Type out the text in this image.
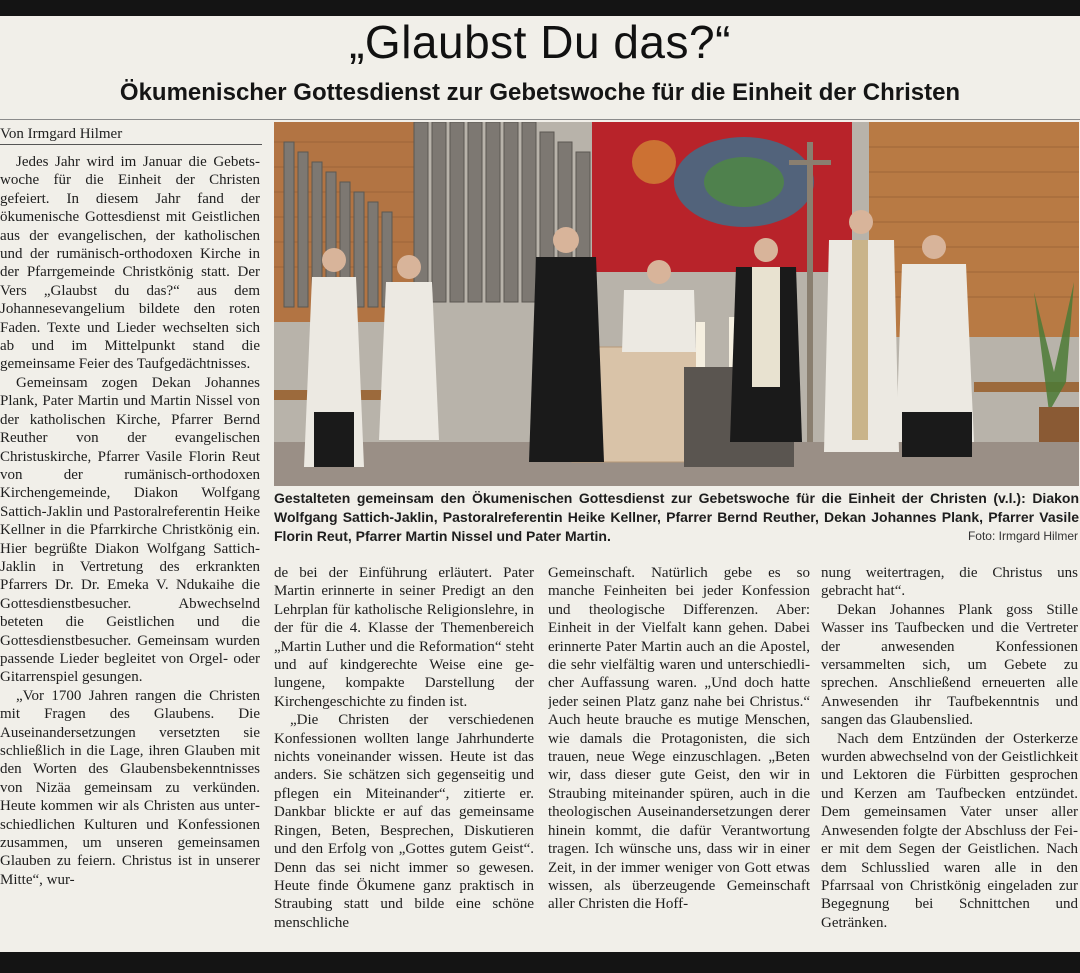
„Glaubst Du das?“
Ökumenischer Gottesdienst zur Gebetswoche für die Einheit der Christen
Von Irmgard Hilmer

Jedes Jahr wird im Januar die Gebetswoche für die Einheit der Christen gefeiert. In diesem Jahr fand der ökumenische Gottesdienst mit Geistlichen aus der evangelischen, der katholischen und der rumänisch-orthodoxen Kirche in der Pfarrgemeinde Christkönig statt. Der Vers „Glaubst du das?“ aus dem Johannesevangelium bildete den roten Faden. Texte und Lieder wechselten sich ab und im Mittelpunkt stand die gemeinsame Feier des Taufgedächtnisses.

Gemeinsam zogen Dekan Johannes Plank, Pater Martin und Martin Nissel von der katholischen Kirche, Pfarrer Bernd Reuther von der evangelischen Christuskirche, Pfarrer Vasile Florin Reut von der rumänisch-orthodoxen Kirchengemeinde, Diakon Wolfgang Sattich-Jaklin und Pastoralreferentin Heike Kellner in die Pfarrkirche Christkönig ein. Hier begrüßte Diakon Wolfgang Sattich-Jaklin in Vertretung des erkrankten Pfarrers Dr. Dr. Emeka V. Ndukaihe die Gottesdienstbesucher. Abwechselnd beteten die Geistlichen und die Gottesdienstbesucher. Gemeinsam wurden passende Lieder begleitet von Orgel- oder Gitarrenspiel gesungen.

„Vor 1700 Jahren rangen die Christen mit Fragen des Glaubens. Die Auseinandersetzungen versetzten sie schließlich in die Lage, ihren Glauben mit den Worten des Glaubensbekenntnisses von Nizäa gemeinsam zu verkünden. Heute kommen wir als Christen aus unterschiedlichen Kulturen und Konfessionen zusammen, um unseren gemeinsamen Glauben zu feiern. Christus ist in unserer Mitte“, wur-

Gestalteten gemeinsam den Ökumenischen Gottesdienst zur Gebetswoche für die Einheit der Christen (v.l.): Diakon Wolfgang Sattich-Jaklin, Pastoralreferentin Heike Kellner, Pfarrer Bernd Reuther, Dekan Johannes Plank, Pfarrer Vasile Florin Reut, Pfarrer Martin Nissel und Pater Martin.	Foto: Irmgard Hilmer

de bei der Einführung erläutert. Pater Martin erinnerte in seiner Predigt an den Lehrplan für katholische Religionslehre, in der für die 4. Klasse der Themenbereich „Martin Luther und die Reformation“ steht und auf kindgerechte Weise eine gelungene, kompakte Darstellung der Kirchengeschichte zu finden ist.

„Die Christen der verschiedenen Konfessionen wollten lange Jahrhunderte nichts voneinander wissen. Heute ist das anders. Sie schätzen sich gegenseitig und pflegen ein Miteinander“, zitierte er. Dankbar blickte er auf das gemeinsame Ringen, Beten, Besprechen, Diskutieren und den Erfolg von „Gottes gutem Geist“. Denn das sei nicht immer so gewesen. Heute finde Ökumene ganz praktisch in Straubing statt und bilde eine schöne menschliche

Gemeinschaft. Natürlich gebe es so manche Feinheiten bei jeder Konfession und theologische Differenzen. Aber: Einheit in der Vielfalt kann gehen. Dabei erinnerte Pater Martin auch an die Apostel, die sehr vielfältig waren und unterschiedlicher Auffassung waren. „Und doch hatte jeder seinen Platz ganz nahe bei Christus.“ Auch heute brauche es mutige Menschen, wie damals die Protagonisten, die sich trauen, neue Wege einzuschlagen. „Beten wir, dass dieser gute Geist, den wir in Straubing miteinander spüren, auch in die theologischen Auseinandersetzungen derer hinein kommt, die dafür Verantwortung tragen. Ich wünsche uns, dass wir in einer Zeit, in der immer weniger von Gott etwas wissen, als überzeugende Gemeinschaft aller Christen die Hoff-

nung weitertragen, die Christus uns gebracht hat“.

Dekan Johannes Plank goss Stille Wasser ins Taufbecken und die Vertreter der anwesenden Konfessionen versammelten sich, um Gebete zu sprechen. Anschließend erneuerten alle Anwesenden ihr Taufbekenntnis und sangen das Glaubenslied.

Nach dem Entzünden der Osterkerze wurden abwechselnd von der Geistlichkeit und Lektoren die Fürbitten gesprochen und Kerzen am Taufbecken entzündet. Dem gemeinsamen Vater unser aller Anwesenden folgte der Abschluss der Feier mit dem Segen der Geistlichen. Nach dem Schlusslied waren alle in den Pfarrsaal von Christkönig eingeladen zur Begegnung bei Schnittchen und Getränken.
